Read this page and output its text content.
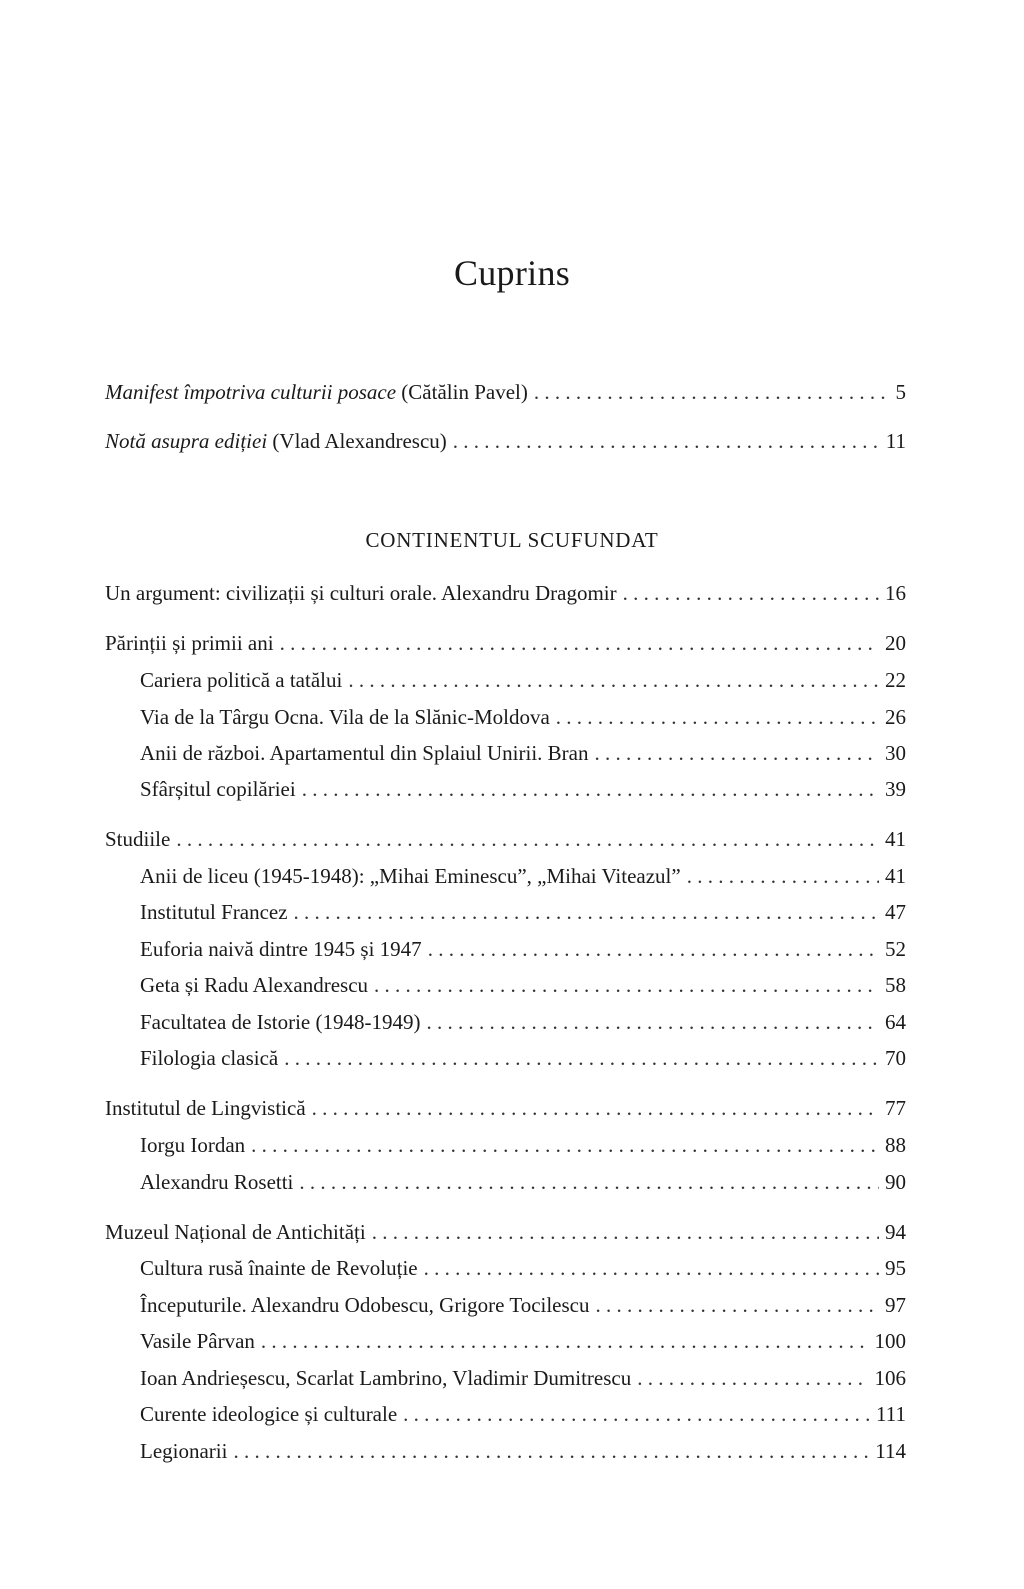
Cuprins
Manifest împotriva culturii posace (Cătălin Pavel) . . .	5
Notă asupra ediției (Vlad Alexandrescu) . . .	11
Un argument: civilizații și culturi orale. Alexandru Dragomir . . .	16
Părinții și primii ani . . .	20
Cariera politică a tatălui . . .	22
Via de la Târgu Ocna. Vila de la Slănic-Moldova . . .	26
Anii de război. Apartamentul din Splaiul Unirii. Bran . . .	30
Sfârșitul copilăriei . . .	39
Studiile . . .	41
Anii de liceu (1945-1948): „Mihai Eminescu”, „Mihai Viteazul” . . .	41
Institutul Francez . . .	47
Euforia naivă dintre 1945 și 1947 . . .	52
Geta și Radu Alexandrescu . . .	58
Facultatea de Istorie (1948-1949) . . .	64
Filologia clasică . . .	70
Institutul de Lingvistică . . .	77
Iorgu Iordan . . .	88
Alexandru Rosetti . . .	90
Muzeul Național de Antichități . . .	94
Cultura rusă înainte de Revoluție . . .	95
Începuturile. Alexandru Odobescu, Grigore Tocilescu . . .	97
Vasile Pârvan . . .	100
Ioan Andrieșescu, Scarlat Lambrino, Vladimir Dumitrescu . . .	106
Curente ideologice și culturale . . .	111
Legionarii . . .	114
CONTINENTUL SCUFUNDAT
